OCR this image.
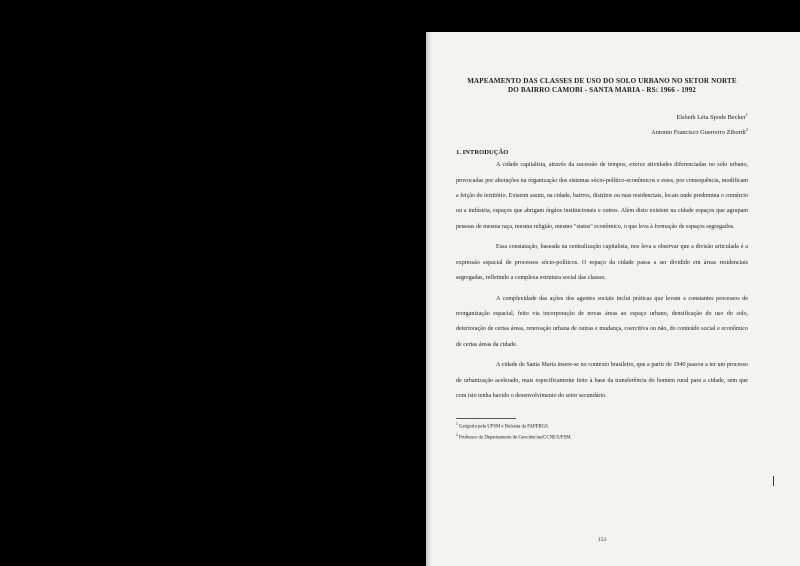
MAPEAMENTO DAS CLASSES DE USO DO SOLO URBANO NO SETOR NORTE
DO BAIRRO CAMOBI - SANTA MARIA - RS: 1966 - 1992
Elsbeth Léia Spode Becker$^1$
Antonio Francisco Guerreiro Zibordi$^2$
1. INTRODUÇÃO

A cidade capitalista, através da sucessão de tempos, exerce atividades diferenciadas no solo urbano, provocadas por alterações na organização dos sistemas sócio-político-econômicos e estes, por consequência, modificam a feição do território. Existem assim, na cidade, bairros, distritos ou ruas residenciais, locais onde predomina o comércio ou a indústria, espaços que abrigam órgãos institucionais e outros. Além disto existem na cidade espaços que agrupam pessoas de mesma raça, mesma religião, mesmo "status" econômico, o que leva à formação de espaços segregados.

Essa constatação, baseada na centralização capitalista, nos leva a observar que a divisão articulada é a expressão espacial de processos sócio-políticos. O espaço da cidade passa a ser dividido em áreas residenciais segregadas, refletindo a complexa estrutura social das classes.

A complexidade das ações dos agentes sociais inclui práticas que levam a constantes processos de reorganização espacial, feito via incorporação de novas áreas ao espaço urbano, densificação do uso do solo, deterioração de certas áreas, renovação urbana de outras e mudança, coercitiva ou não, do conteúdo social e econômico de certas áreas da cidade.

A cidade de Santa Maria insere-se no contexto brasileiro, que a partir de 1940 passou a ter um processo de urbanização acelerado, mais especificamente feito à base da transferência do homem rural para a cidade, sem que com isto tenha havido o desenvolvimento do setor secundário.

$^1$ Geógrafa pela UFSM e Bolsista da FAPERGS.
$^2$ Professor do Departamento de Geociências/CCNE/UFSM.
153
